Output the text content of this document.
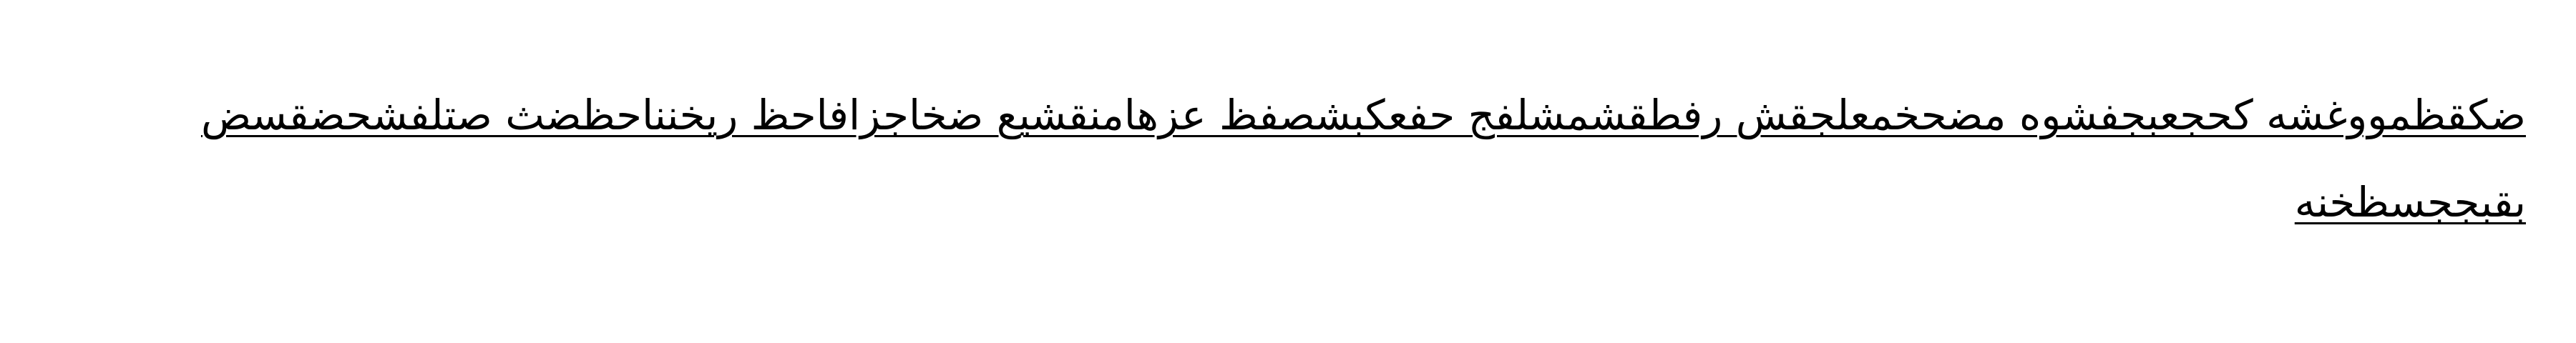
ضكقظمووغشه كحجعبجفشوه مضحخمعلجقش رفطقشمشلفج حفعكبشصفظ عزهامنقشيع ضخاجزافاحظ ريخنناحظضث صتلفشحضقسض بقبججسظخنه
